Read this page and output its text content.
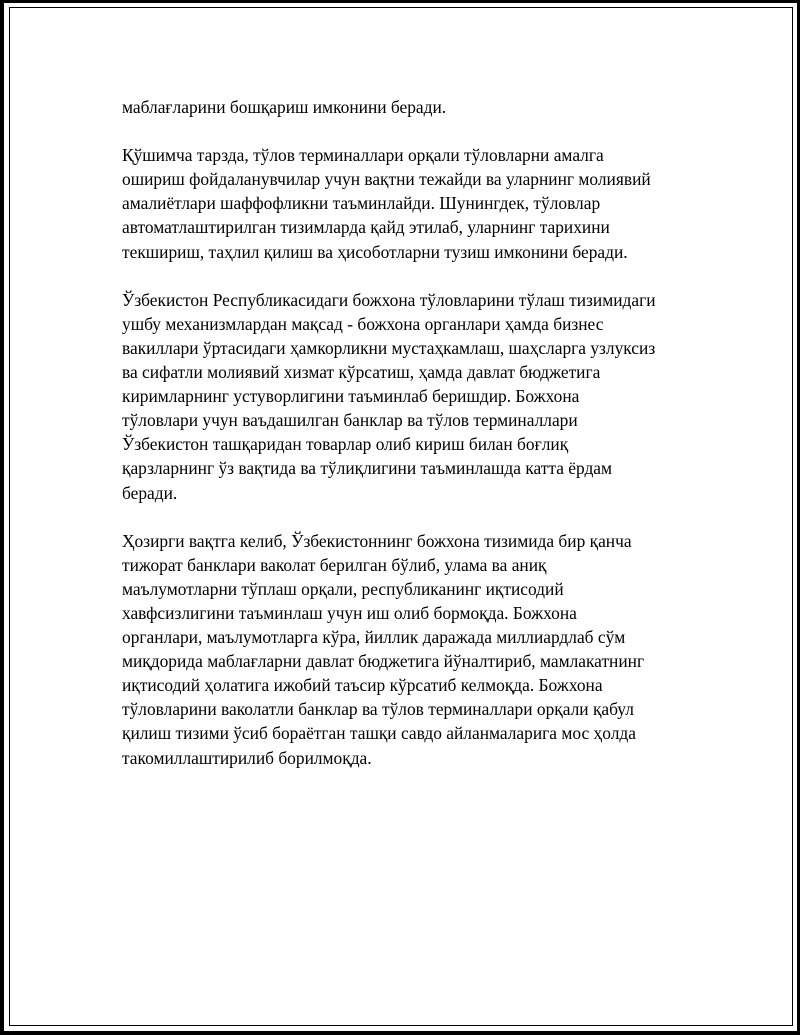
маблағларини бошқариш имконини беради.
Қўшимча тарзда, тўлов терминаллари орқали тўловларни амалга
ошириш фойдаланувчилар учун вақтни тежайди ва уларнинг молиявий
амалиётлари шаффофликни таъминлайди. Шунингдек, тўловлар
автоматлаштирилган тизимларда қайд этилаб, уларнинг тарихини
текшириш, таҳлил қилиш ва ҳисоботларни тузиш имконини беради.
Ўзбекистон Республикасидаги божхона тўловларини тўлаш тизимидаги
ушбу механизмлардан мақсад - божхона органлари ҳамда бизнес
вакиллари ўртасидаги ҳамкорликни мустаҳкамлаш, шаҳсларга узлуксиз
ва сифатли молиявий хизмат кўрсатиш, ҳамда давлат бюджетига
киримларнинг устуворлигини таъминлаб беришдир. Божхона
тўловлари учун ваъдашилган банклар ва тўлов терминаллари
Ўзбекистон ташқаридан товарлар олиб кириш билан боғлиқ
қарзларнинг ўз вақтида ва тўлиқлигини таъминлашда катта ёрдам
беради.
Ҳозирги вақтга келиб, Ўзбекистоннинг божхона тизимида бир қанча
тижорат банклари ваколат берилган бўлиб, улама ва аниқ
маълумотларни тўплаш орқали, республиканинг иқтисодий
хавфсизлигини таъминлаш учун иш олиб бормоқда. Божхона
органлари, маълумотларга кўра, йиллик даражада миллиардлаб сўм
миқдорида маблағларни давлат бюджетига йўналтириб, мамлакатнинг
иқтисодий ҳолатига ижобий таъсир кўрсатиб келмоқда. Божхона
тўловларини ваколатли банклар ва тўлов терминаллари орқали қабул
қилиш тизими ўсиб бораётган ташқи савдо айланмаларига мос ҳолда
такомиллаштирилиб борилмоқда.
